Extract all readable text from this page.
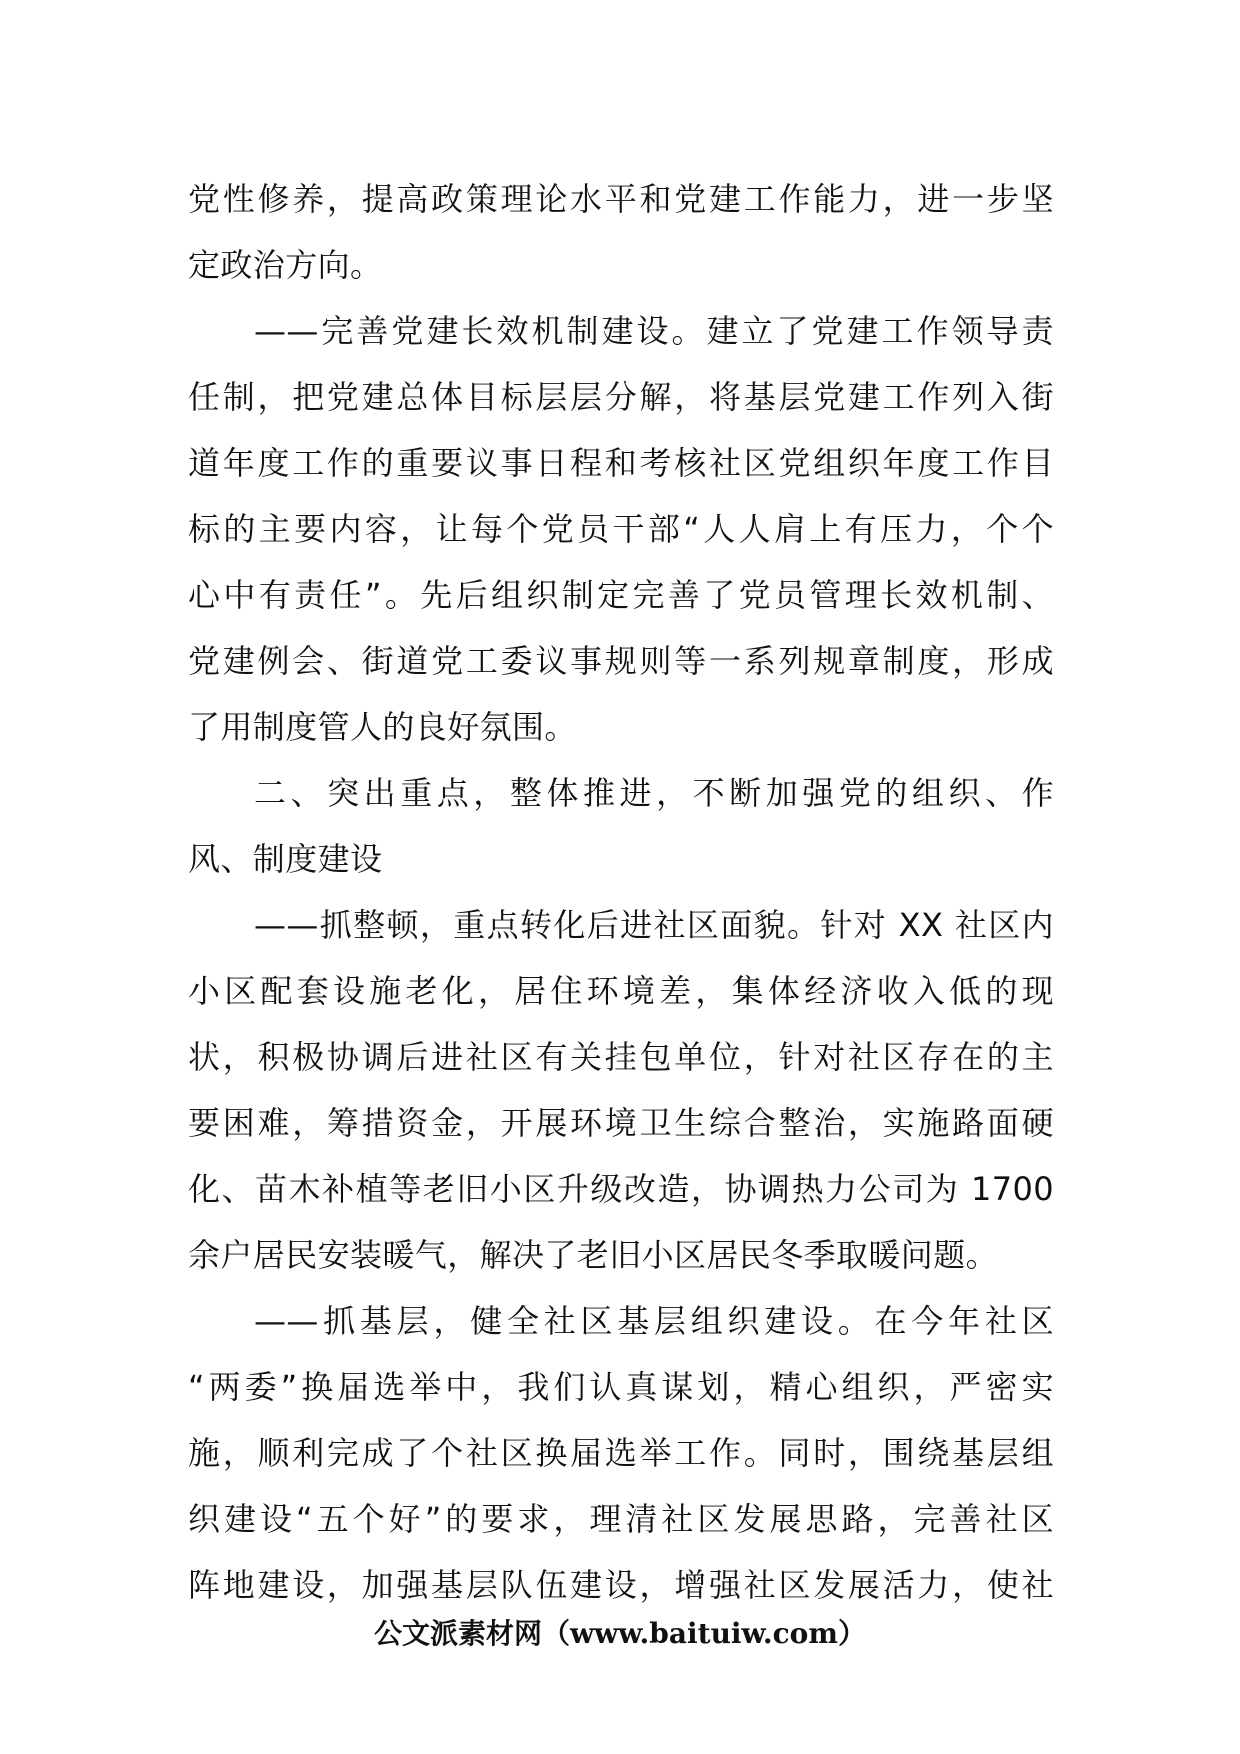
党性修养，提高政策理论水平和党建工作能力，进一步坚
定政治方向。
——完善党建长效机制建设。建立了党建工作领导责
任制，把党建总体目标层层分解，将基层党建工作列入街
道年度工作的重要议事日程和考核社区党组织年度工作目
标的主要内容，让每个党员干部“人人肩上有压力，个个
心中有责任”。先后组织制定完善了党员管理长效机制、
党建例会、街道党工委议事规则等一系列规章制度，形成
了用制度管人的良好氛围。
二、突出重点，整体推进，不断加强党的组织、作
风、制度建设
——抓整顿，重点转化后进社区面貌。针对 XX 社区内
小区配套设施老化，居住环境差，集体经济收入低的现
状，积极协调后进社区有关挂包单位，针对社区存在的主
要困难，筹措资金，开展环境卫生综合整治，实施路面硬
化、苗木补植等老旧小区升级改造，协调热力公司为 1700
余户居民安装暖气，解决了老旧小区居民冬季取暖问题。
——抓基层，健全社区基层组织建设。在今年社区
“两委”换届选举中，我们认真谋划，精心组织，严密实
施，顺利完成了个社区换届选举工作。同时，围绕基层组
织建设“五个好”的要求，理清社区发展思路，完善社区
阵地建设，加强基层队伍建设，增强社区发展活力，使社
公文派素材网（www.baituiw.com）
